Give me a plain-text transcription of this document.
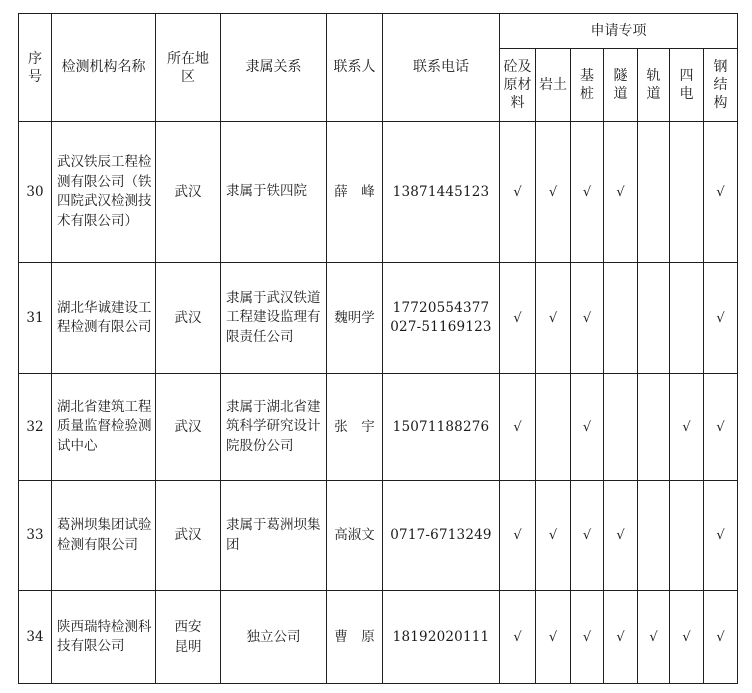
序号	检测机构名称	所在地区	隶属关系	联系人	联系电话	申请专项						

						砼及原材料	岩土	基桩	隧道	轨道	四电	钢结构

30	武汉铁辰工程检测有限公司（铁四院武汉检测技术有限公司）	武汉	隶属于铁四院	薛　峰	13871445123	√	√	√	√			√
31	湖北华诚建设工程检测有限公司	武汉	隶属于武汉铁道工程建设监理有限责任公司	魏明学	17720554377
027-51169123	√	√	√				√
32	湖北省建筑工程质量监督检验测试中心	武汉	隶属于湖北省建筑科学研究设计院股份公司	张　宇	15071188276	√		√			√	√
33	葛洲坝集团试验检测有限公司	武汉	隶属于葛洲坝集团	高淑文	0717-6713249	√	√	√	√			√
34	陕西瑞特检测科技有限公司	西安昆明	独立公司	曹　原	18192020111	√	√	√	√	√	√	√
